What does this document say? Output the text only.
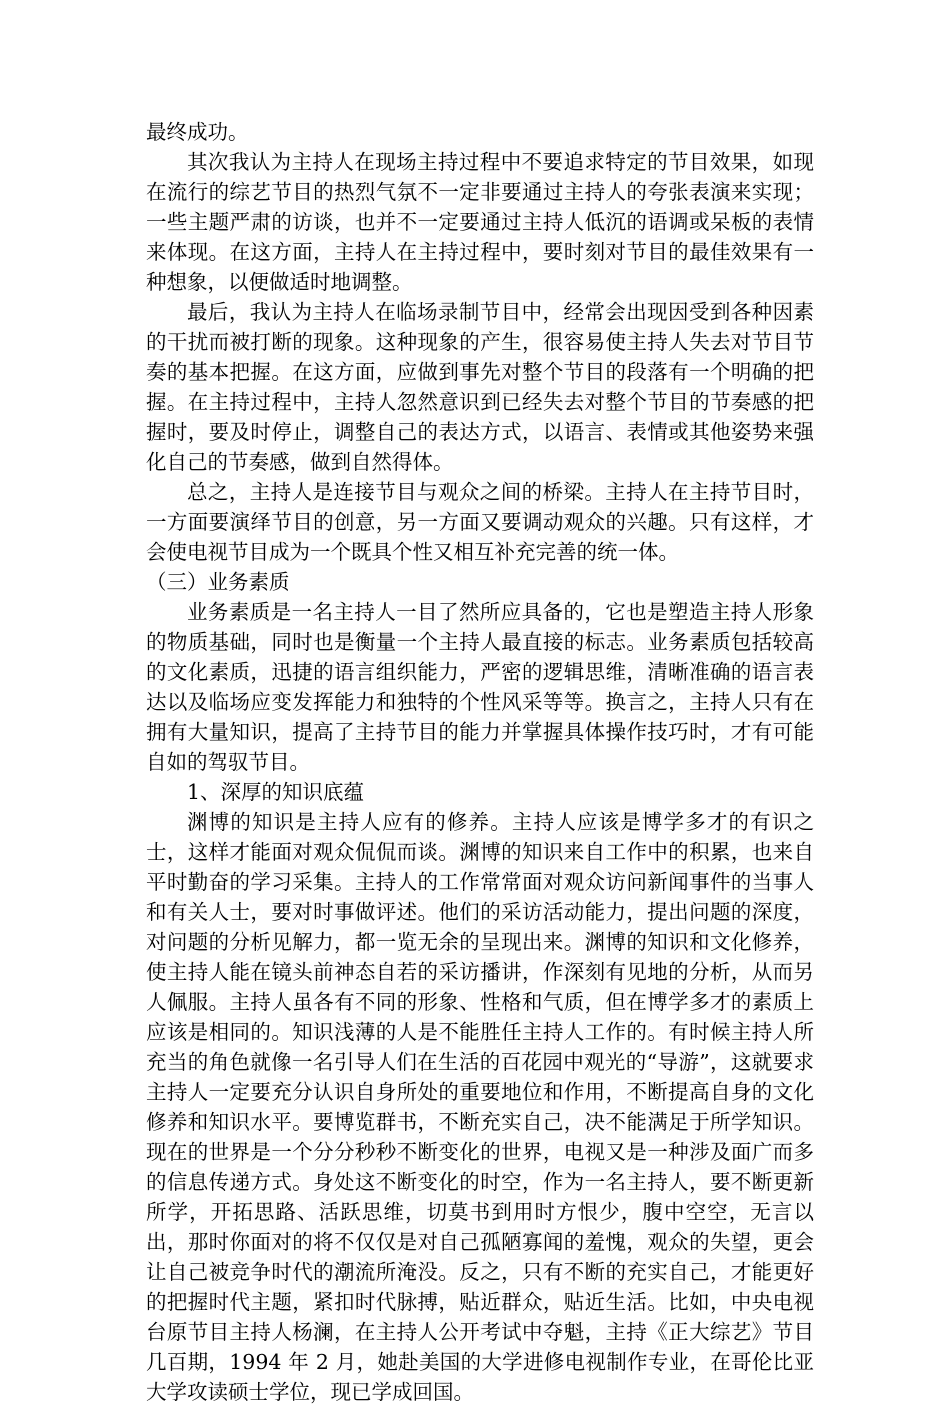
最终成功。

其次我认为主持人在现场主持过程中不要追求特定的节目效果，如现在流行的综艺节目的热烈气氛不一定非要通过主持人的夸张表演来实现；一些主题严肃的访谈，也并不一定要通过主持人低沉的语调或呆板的表情来体现。在这方面，主持人在主持过程中，要时刻对节目的最佳效果有一种想象，以便做适时地调整。

最后，我认为主持人在临场录制节目中，经常会出现因受到各种因素的干扰而被打断的现象。这种现象的产生，很容易使主持人失去对节目节奏的基本把握。在这方面，应做到事先对整个节目的段落有一个明确的把握。在主持过程中，主持人忽然意识到已经失去对整个节目的节奏感的把握时，要及时停止，调整自己的表达方式，以语言、表情或其他姿势来强化自己的节奏感，做到自然得体。

总之，主持人是连接节目与观众之间的桥梁。主持人在主持节目时，一方面要演绎节目的创意，另一方面又要调动观众的兴趣。只有这样，才会使电视节目成为一个既具个性又相互补充完善的统一体。

（三）业务素质

业务素质是一名主持人一目了然所应具备的，它也是塑造主持人形象的物质基础，同时也是衡量一个主持人最直接的标志。业务素质包括较高的文化素质，迅捷的语言组织能力，严密的逻辑思维，清晰准确的语言表达以及临场应变发挥能力和独特的个性风采等等。换言之，主持人只有在拥有大量知识，提高了主持节目的能力并掌握具体操作技巧时，才有可能自如的驾驭节目。

1、深厚的知识底蕴

渊博的知识是主持人应有的修养。主持人应该是博学多才的有识之士，这样才能面对观众侃侃而谈。渊博的知识来自工作中的积累，也来自平时勤奋的学习采集。主持人的工作常常面对观众访问新闻事件的当事人和有关人士，要对时事做评述。他们的采访活动能力，提出问题的深度，对问题的分析见解力，都一览无余的呈现出来。渊博的知识和文化修养，使主持人能在镜头前神态自若的采访播讲，作深刻有见地的分析，从而另人佩服。主持人虽各有不同的形象、性格和气质，但在博学多才的素质上应该是相同的。知识浅薄的人是不能胜任主持人工作的。有时候主持人所充当的角色就像一名引导人们在生活的百花园中观光的“导游”，这就要求主持人一定要充分认识自身所处的重要地位和作用，不断提高自身的文化修养和知识水平。要博览群书，不断充实自己，决不能满足于所学知识。现在的世界是一个分分秒秒不断变化的世界，电视又是一种涉及面广而多的信息传递方式。身处这不断变化的时空，作为一名主持人，要不断更新所学，开拓思路、活跃思维，切莫书到用时方恨少，腹中空空，无言以出，那时你面对的将不仅仅是对自己孤陋寡闻的羞愧，观众的失望，更会让自己被竞争时代的潮流所淹没。反之，只有不断的充实自己，才能更好的把握时代主题，紧扣时代脉搏，贴近群众，贴近生活。比如，中央电视台原节目主持人杨澜，在主持人公开考试中夺魁，主持《正大综艺》节目几百期，1994 年 2 月，她赴美国的大学进修电视制作专业，在哥伦比亚大学攻读硕士学位，现已学成回国。
